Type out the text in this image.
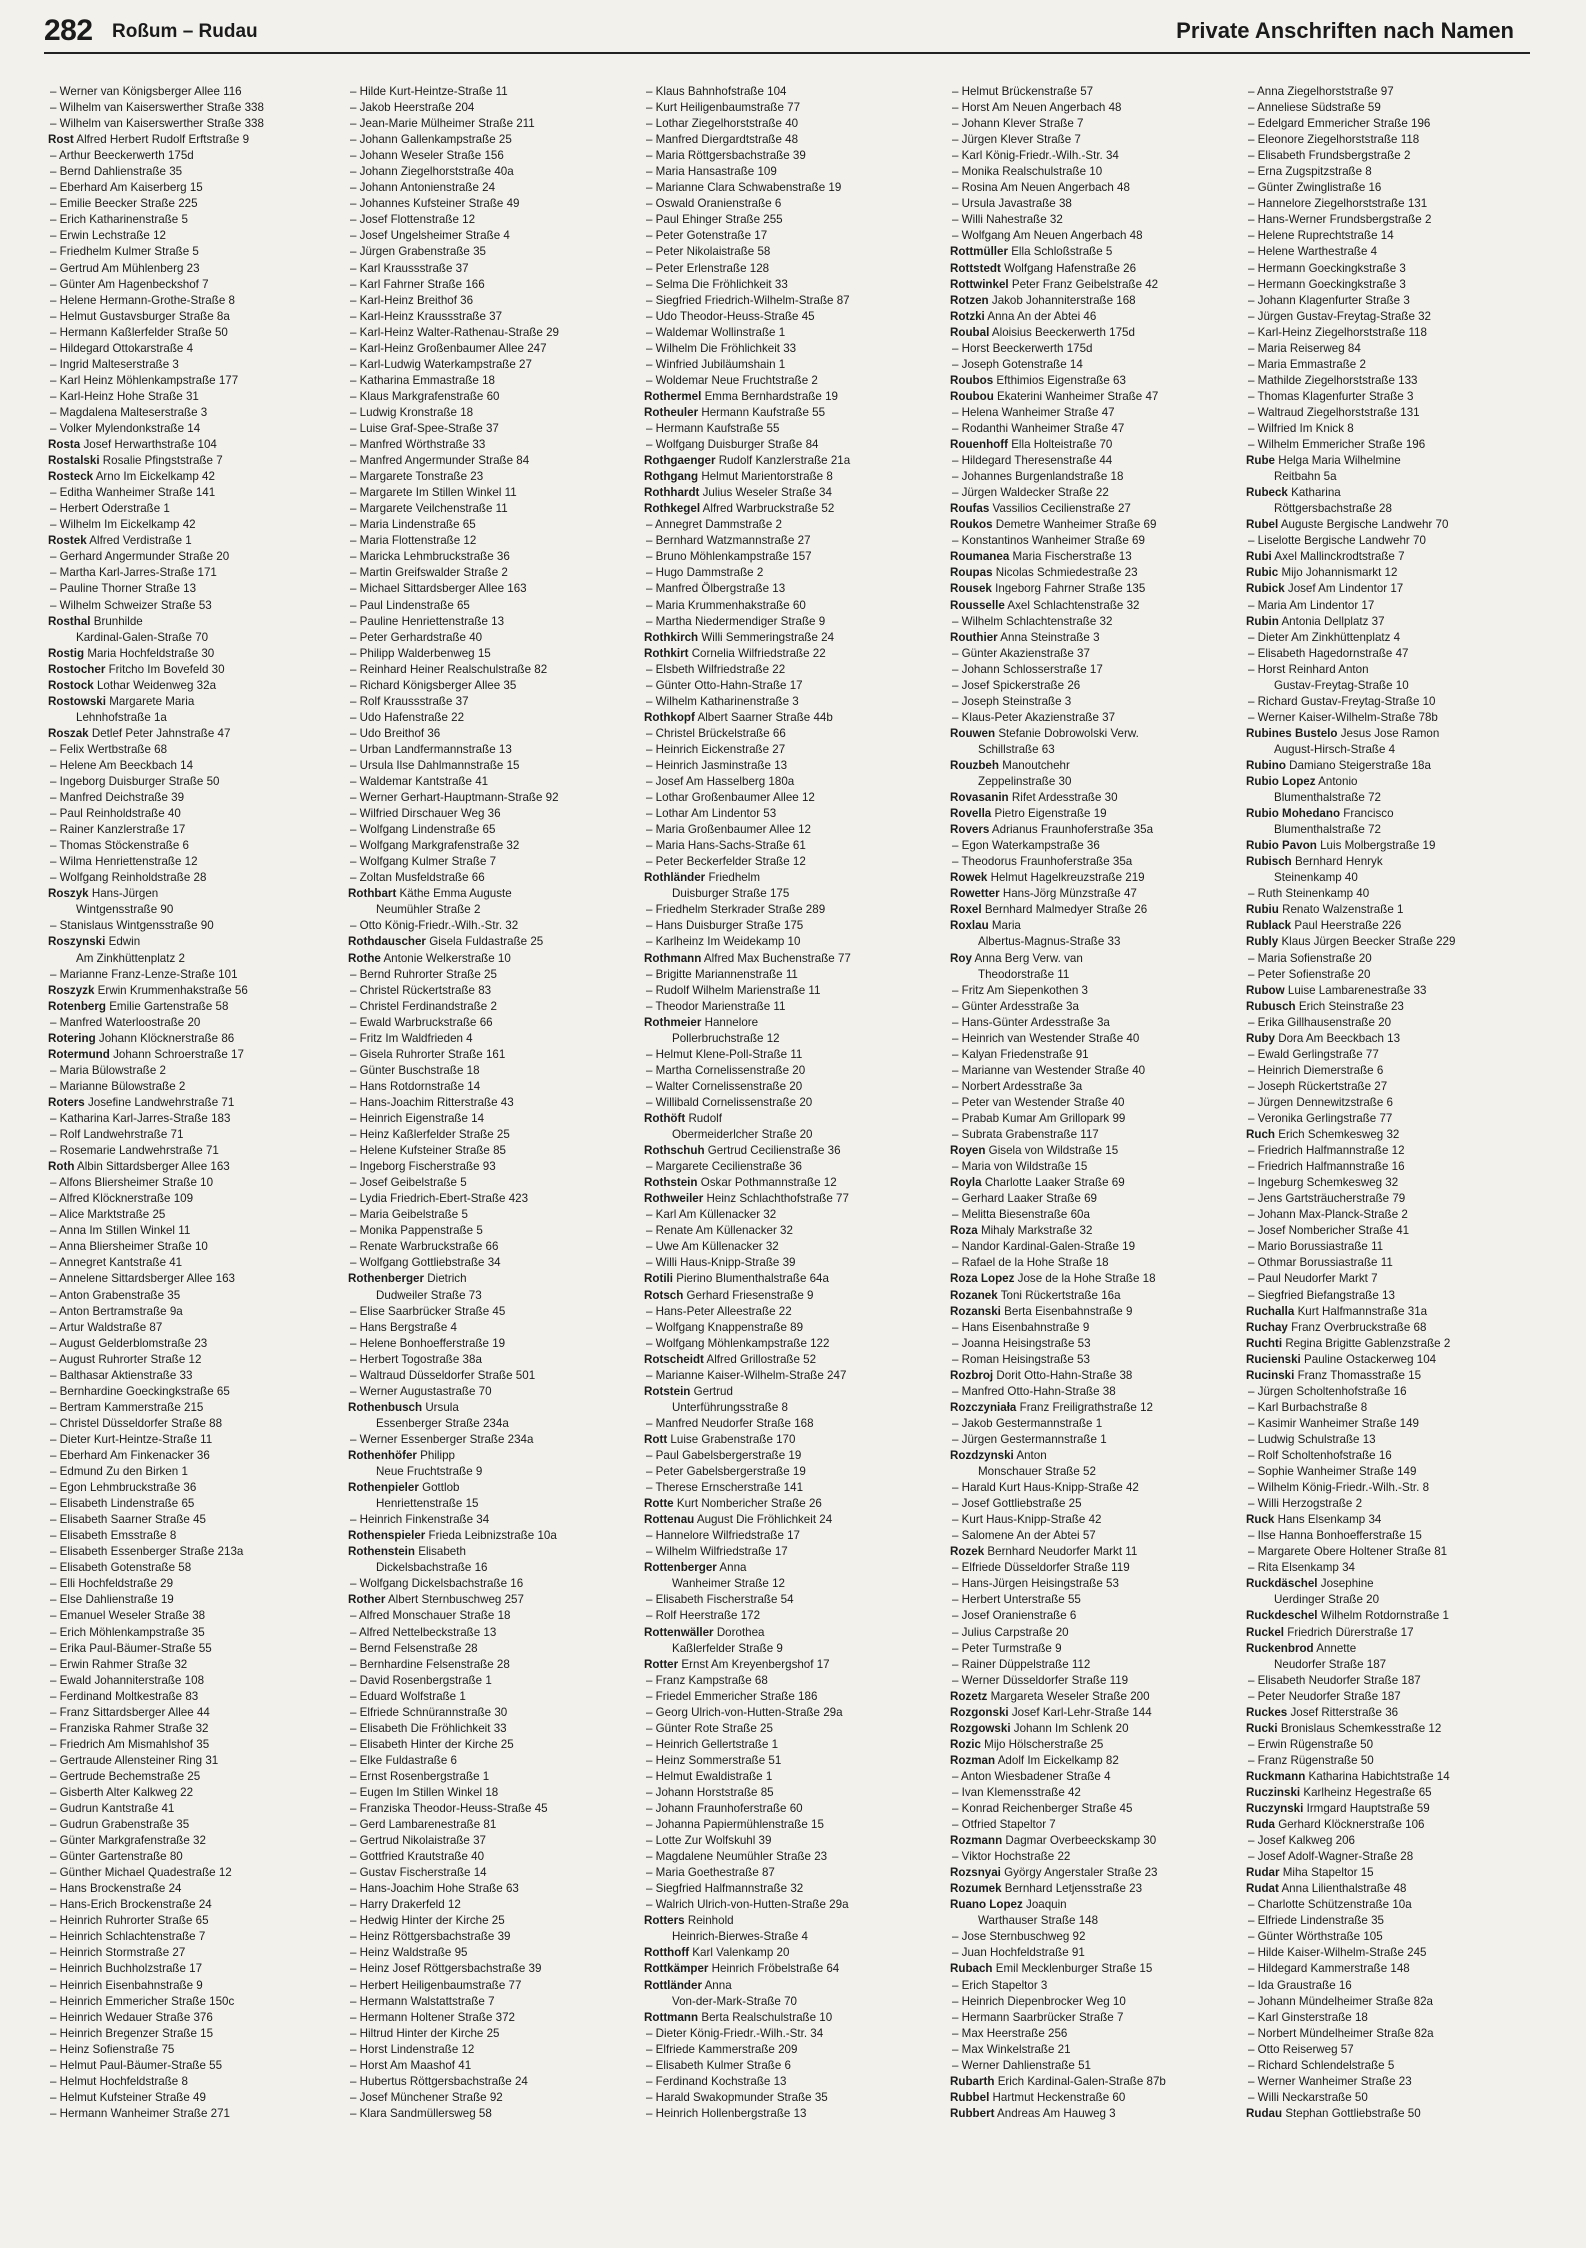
282 Roßum – Rudau	Private Anschriften nach Namen
– Werner van Königsberger Allee 116
– Wilhelm van Kaiserswerther Straße 338
– Wilhelm van Kaiserswerther Straße 338
Rost Alfred Herbert Rudolf Erftstraße 9
– Arthur Beeckerwerth 175d
– Bernd Dahlienstraße 35
– Eberhard Am Kaiserberg 15
– Emilie Beecker Straße 225
– Erich Katharinenstraße 5
– Erwin Lechstraße 12
– Friedhelm Kulmer Straße 5
– Gertrud Am Mühlenberg 23
– Günter Am Hagenbeckshof 7
– Helene Hermann-Grothe-Straße 8
– Helmut Gustavsburger Straße 8a
– Hermann Kaßlerfelder Straße 50
– Hildegard Ottokarstraße 4
– Ingrid Malteserstraße 3
– Karl Heinz Möhlenkampstraße 177
– Karl-Heinz Hohe Straße 31
– Magdalena Malteserstraße 3
– Volker Mylendonkstraße 14
Rosta Josef Herwarthstraße 104
Rostalski Rosalie Pfingststraße 7
Rosteck Arno Im Eickelkamp 42
– Editha Wanheimer Straße 141
– Herbert Oderstraße 1
– Wilhelm Im Eickelkamp 42
Rostek Alfred Verdistraße 1
– Gerhard Angermunder Straße 20
– Martha Karl-Jarres-Straße 171
– Pauline Thorner Straße 13
– Wilhelm Schweizer Straße 53
Rosthal Brunhilde
Kardinal-Galen-Straße 70
Rostig Maria Hochfeldstraße 30
Rostocher Fritcho Im Bovefeld 30
Rostock Lothar Weidenweg 32a
Rostowski Margarete Maria
Lehnhofstraße 1a
Roszak Detlef Peter Jahnstraße 47
– Felix Wertbstraße 68
– Helene Am Beeckbach 14
– Ingeborg Duisburger Straße 50
– Manfred Deichstraße 39
– Paul Reinholdstraße 40
– Rainer Kanzlerstraße 17
– Thomas Stöckenstraße 6
– Wilma Henriettenstraße 12
– Wolfgang Reinholdstraße 28
Roszyk Hans-Jürgen
Wintgensstraße 90
– Stanislaus Wintgensstraße 90
Roszynski Edwin
Am Zinkhüttenplatz 2
– Marianne Franz-Lenze-Straße 101
Roszyzk Erwin Krummenhakstraße 56
Rotenberg Emilie Gartenstraße 58
– Manfred Waterloostraße 20
Rotering Johann Klöcknerstraße 86
Rotermund Johann Schroerstraße 17
– Maria Bülowstraße 2
– Marianne Bülowstraße 2
Roters Josefine Landwehrstraße 71
– Katharina Karl-Jarres-Straße 183
– Rolf Landwehrstraße 71
– Rosemarie Landwehrstraße 71
Roth Albin Sittardsberger Allee 163
– Alfons Bliersheimer Straße 10
– Alfred Klöcknerstraße 109
– Alice Marktstraße 25
– Anna Im Stillen Winkel 11
– Anna Bliersheimer Straße 10
– Annegret Kantstraße 41
– Annelene Sittardsberger Allee 163
– Anton Grabenstraße 35
– Anton Bertramstraße 9a
– Artur Waldstraße 87
– August Gelderblomstraße 23
– August Ruhrorter Straße 12
– Balthasar Aktienstraße 33
– Bernhardine Goeckingkstraße 65
– Bertram Kammerstraße 215
– Christel Düsseldorfer Straße 88
– Dieter Kurt-Heintze-Straße 11
– Eberhard Am Finkenacker 36
– Edmund Zu den Birken 1
– Egon Lehmbruckstraße 36
– Elisabeth Lindenstraße 65
– Elisabeth Saarner Straße 45
– Elisabeth Emsstraße 8
– Elisabeth Essenberger Straße 213a
– Elisabeth Gotenstraße 58
– Elli Hochfeldstraße 29
– Else Dahlienstraße 19
– Emanuel Weseler Straße 38
– Erich Möhlenkampstraße 35
– Erika Paul-Bäumer-Straße 55
– Erwin Rahmer Straße 32
– Ewald Johanniterstraße 108
– Ferdinand Moltkestraße 83
– Franz Sittardsberger Allee 44
– Franziska Rahmer Straße 32
– Friedrich Am Mismahlshof 35
– Gertraude Allensteiner Ring 31
– Gertrude Bechemstraße 25
– Gisberth Alter Kalkweg 22
– Gudrun Kantstraße 41
– Gudrun Grabenstraße 35
– Günter Markgrafenstraße 32
– Günter Gartenstraße 80
– Günther Michael Quadestraße 12
– Hans Brockenstraße 24
– Hans-Erich Brockenstraße 24
– Heinrich Ruhrorter Straße 65
– Heinrich Schlachtenstraße 7
– Heinrich Stormstraße 27
– Heinrich Buchholzstraße 17
– Heinrich Eisenbahnstraße 9
– Heinrich Emmericher Straße 150c
– Heinrich Wedauer Straße 376
– Heinrich Bregenzer Straße 15
– Heinz Sofienstraße 75
– Helmut Paul-Bäumer-Straße 55
– Helmut Hochfeldstraße 8
– Helmut Kufsteiner Straße 49
– Hermann Wanheimer Straße 271
– Hilde Kurt-Heintze-Straße 11
– Jakob Heerstraße 204
– Jean-Marie Mülheimer Straße 211
– Johann Gallenkampstraße 25
– Johann Weseler Straße 156
– Johann Ziegelhorststraße 40a
– Johann Antonienstraße 24
– Johannes Kufsteiner Straße 49
– Josef Flottenstraße 12
– Josef Ungelsheimer Straße 4
– Jürgen Grabenstraße 35
– Karl Kraussstraße 37
– Karl Fahrner Straße 166
– Karl-Heinz Breithof 36
– Karl-Heinz Kraussstraße 37
– Karl-Heinz Walter-Rathenau-Straße 29
– Karl-Heinz Großenbaumer Allee 247
– Karl-Ludwig Waterkampstraße 27
– Katharina Emmastraße 18
– Klaus Markgrafenstraße 60
– Ludwig Kronstraße 18
– Luise Graf-Spee-Straße 37
– Manfred Wörthstraße 33
– Manfred Angermunder Straße 84
– Margarete Tonstraße 23
– Margarete Im Stillen Winkel 11
– Margarete Veilchenstraße 11
– Maria Lindenstraße 65
– Maria Flottenstraße 12
– Maricka Lehmbruckstraße 36
– Martin Greifswalder Straße 2
– Michael Sittardsberger Allee 163
– Paul Lindenstraße 65
– Pauline Henriettenstraße 13
– Peter Gerhardstraße 40
– Philipp Walderbenweg 15
– Reinhard Heiner Realschulstraße 82
– Richard Königsberger Allee 35
– Rolf Kraussstraße 37
– Udo Hafenstraße 22
– Udo Breithof 36
– Urban Landfermannstraße 13
– Ursula Ilse Dahlmannstraße 15
– Waldemar Kantstraße 41
– Werner Gerhart-Hauptmann-Straße 92
– Wilfried Dirschauer Weg 36
– Wolfgang Lindenstraße 65
– Wolfgang Markgrafenstraße 32
– Wolfgang Kulmer Straße 7
– Zoltan Musfeldstraße 66
Rothbart Käthe Emma Auguste
Neumühler Straße 2
– Otto König-Friedr.-Wilh.-Str. 32
Rothdauscher Gisela Fuldastraße 25
Rothe Antonie Welkerstraße 10
– Bernd Ruhrorter Straße 25
– Christel Rückertstraße 83
– Christel Ferdinandstraße 2
– Ewald Warbruckstraße 66
– Fritz Im Waldfrieden 4
– Gisela Ruhrorter Straße 161
– Günter Buschstraße 18
– Hans Rotdornstraße 14
– Hans-Joachim Ritterstraße 43
– Heinrich Eigenstraße 14
– Heinz Kaßlerfelder Straße 25
– Helene Kufsteiner Straße 85
– Ingeborg Fischerstraße 93
– Josef Geibelstraße 5
– Lydia Friedrich-Ebert-Straße 423
– Maria Geibelstraße 5
– Monika Pappenstraße 5
– Renate Warbruckstraße 66
– Wolfgang Gottliebstraße 34
Rothenberger Dietrich
Dudweiler Straße 73
– Elise Saarbrücker Straße 45
– Hans Bergstraße 4
– Helene Bonhoefferstraße 19
– Herbert Togostraße 38a
– Waltraud Düsseldorfer Straße 501
– Werner Augustastraße 70
Rothenbusch Ursula
Essenberger Straße 234a
– Werner Essenberger Straße 234a
Rothenhöfer Philipp
Neue Fruchtstraße 9
Rothenpieler Gottlob
Henriettenstraße 15
– Heinrich Finkenstraße 34
Rothenspieler Frieda Leibnizstraße 10a
Rothenstein Elisabeth
Dickelsbachstraße 16
– Wolfgang Dickelsbachstraße 16
Rother Albert Sternbuschweg 257
– Alfred Monschauer Straße 18
– Alfred Nettelbeckstraße 13
– Bernd Felsenstraße 28
– Bernhardine Felsenstraße 28
– David Rosenbergstraße 1
– Eduard Wolfstraße 1
– Elfriede Schnürannstraße 30
– Elisabeth Die Fröhlichkeit 33
– Elisabeth Hinter der Kirche 25
– Elke Fuldastraße 6
– Ernst Rosenbergstraße 1
– Eugen Im Stillen Winkel 18
– Franziska Theodor-Heuss-Straße 45
– Gerd Lambarenestraße 81
– Gertrud Nikolaistraße 37
– Gottfried Krautstraße 40
– Gustav Fischerstraße 14
– Hans-Joachim Hohe Straße 63
– Harry Drakerfeld 12
– Hedwig Hinter der Kirche 25
– Heinz Röttgersbachstraße 39
– Heinz Waldstraße 95
– Heinz Josef Röttgersbachstraße 39
– Herbert Heiligenbaumstraße 77
– Hermann Walstattstraße 7
– Hermann Holtener Straße 372
– Hiltrud Hinter der Kirche 25
– Horst Lindenstraße 12
– Horst Am Maashof 41
– Hubertus Röttgersbachstraße 24
– Josef Münchener Straße 92
– Klara Sandmüllersweg 58
– Klaus Bahnhofstraße 104
– Kurt Heiligenbaumstraße 77
– Lothar Ziegelhorststraße 40
– Manfred Diergardtstraße 48
– Maria Röttgersbachstraße 39
– Maria Hansastraße 109
– Marianne Clara Schwabenstraße 19
– Oswald Oranienstraße 6
– Paul Ehinger Straße 255
– Peter Gotenstraße 17
– Peter Nikolaistraße 58
– Peter Erlenstraße 128
– Selma Die Fröhlichkeit 33
– Siegfried Friedrich-Wilhelm-Straße 87
– Udo Theodor-Heuss-Straße 45
– Waldemar Wollinstraße 1
– Wilhelm Die Fröhlichkeit 33
– Winfried Jubiläumshain 1
– Woldemar Neue Fruchtstraße 2
Rothermel Emma Bernhardstraße 19
Rotheuler Hermann Kaufstraße 55
– Hermann Kaufstraße 55
– Wolfgang Duisburger Straße 84
Rothgaenger Rudolf Kanzlerstraße 21a
Rothgang Helmut Marientorstraße 8
Rothhardt Julius Weseler Straße 34
Rothkegel Alfred Warbruckstraße 52
– Annegret Dammstraße 2
– Bernhard Watzmannstraße 27
– Bruno Möhlenkampstraße 157
– Hugo Dammstraße 2
– Manfred Ölbergstraße 13
– Maria Krummenhakstraße 60
– Martha Niedermendiger Straße 9
Rothkirch Willi Semmeringstraße 24
Rothkirt Cornelia Wilfriedstraße 22
– Elsbeth Wilfriedstraße 22
– Günter Otto-Hahn-Straße 17
– Wilhelm Katharinenstraße 3
Rothkopf Albert Saarner Straße 44b
– Christel Brückelstraße 66
– Heinrich Eickenstraße 27
– Heinrich Jasminstraße 13
– Josef Am Hasselberg 180a
– Lothar Großenbaumer Allee 12
– Lothar Am Lindentor 53
– Maria Großenbaumer Allee 12
– Maria Hans-Sachs-Straße 61
– Peter Beckerfelder Straße 12
Rothländer Friedhelm
Duisburger Straße 175
– Friedhelm Sterkrader Straße 289
– Hans Duisburger Straße 175
– Karlheinz Im Weidekamp 10
Rothmann Alfred Max Buchenstraße 77
– Brigitte Mariannenstraße 11
– Rudolf Wilhelm Marienstraße 11
– Theodor Marienstraße 11
Rothmeier Hannelore
Pollerbruchstraße 12
– Helmut Klene-Poll-Straße 11
– Martha Cornelissenstraße 20
– Walter Cornelissenstraße 20
– Willibald Cornelissenstraße 20
Rothöft Rudolf
Obermeiderlcher Straße 20
Rothschuh Gertrud Cecilienstraße 36
– Margarete Cecilienstraße 36
Rothstein Oskar Pothmannstraße 12
Rothweiler Heinz Schlachthofstraße 77
– Karl Am Küllenacker 32
– Renate Am Küllenacker 32
– Uwe Am Küllenacker 32
– Willi Haus-Knipp-Straße 39
Rotili Pierino Blumenthalstraße 64a
Rotsch Gerhard Friesenstraße 9
– Hans-Peter Alleestraße 22
– Wolfgang Knappenstraße 89
– Wolfgang Möhlenkampstraße 122
Rotscheidt Alfred Grillostraße 52
– Marianne Kaiser-Wilhelm-Straße 247
Rotstein Gertrud
Unterführungsstraße 8
– Manfred Neudorfer Straße 168
Rott Luise Grabenstraße 170
– Paul Gabelsbergerstraße 19
– Peter Gabelsbergerstraße 19
– Therese Ernscherstraße 141
Rotte Kurt Nombericher Straße 26
Rottenau August Die Fröhlichkeit 24
– Hannelore Wilfriedstraße 17
– Wilhelm Wilfriedstraße 17
Rottenberger Anna
Wanheimer Straße 12
– Elisabeth Fischerstraße 54
– Rolf Heerstraße 172
Rottenwäller Dorothea
Kaßlerfelder Straße 9
Rotter Ernst Am Kreyenbergshof 17
– Franz Kampstraße 68
– Friedel Emmericher Straße 186
– Georg Ulrich-von-Hutten-Straße 29a
– Günter Rote Straße 25
– Heinrich Gellertstraße 1
– Heinz Sommerstraße 51
– Helmut Ewaldistraße 1
– Johann Horststraße 85
– Johann Fraunhoferstraße 60
– Johanna Papiermühlenstraße 15
– Lotte Zur Wolfskuhl 39
– Magdalene Neumühler Straße 23
– Maria Goethestraße 87
– Siegfried Halfmannstraße 32
– Walrich Ulrich-von-Hutten-Straße 29a
Rotters Reinhold
Heinrich-Bierwes-Straße 4
Rotthoff Karl Valenkamp 20
Rottkämper Heinrich Fröbelstraße 64
Rottländer Anna
Von-der-Mark-Straße 70
Rottmann Berta Realschulstraße 10
– Dieter König-Friedr.-Wilh.-Str. 34
– Elfriede Kammerstraße 209
– Elisabeth Kulmer Straße 6
– Ferdinand Kochstraße 13
– Harald Swakopmunder Straße 35
– Heinrich Hollenbergstraße 13
– Helmut Brückenstraße 57
– Horst Am Neuen Angerbach 48
– Johann Klever Straße 7
– Jürgen Klever Straße 7
– Karl König-Friedr.-Wilh.-Str. 34
– Monika Realschulstraße 10
– Rosina Am Neuen Angerbach 48
– Ursula Javastraße 38
– Willi Nahestraße 32
– Wolfgang Am Neuen Angerbach 48
Rottmüller Ella Schloßstraße 5
Rottstedt Wolfgang Hafenstraße 26
Rottwinkel Peter Franz Geibelstraße 42
Rotzen Jakob Johanniterstraße 168
Rotzki Anna An der Abtei 46
Roubal Aloisius Beeckerwerth 175d
– Horst Beeckerwerth 175d
– Joseph Gotenstraße 14
Roubos Efthimios Eigenstraße 63
Roubou Ekaterini Wanheimer Straße 47
– Helena Wanheimer Straße 47
– Rodanthi Wanheimer Straße 47
Rouenhoff Ella Holteistraße 70
– Hildegard Theresenstraße 44
– Johannes Burgenlandstraße 18
– Jürgen Waldecker Straße 22
Roufas Vassilios Cecilienstraße 27
Roukos Demetre Wanheimer Straße 69
– Konstantinos Wanheimer Straße 69
Roumanea Maria Fischerstraße 13
Roupas Nicolas Schmiedestraße 23
Rousek Ingeborg Fahrner Straße 135
Rousselle Axel Schlachtenstraße 32
– Wilhelm Schlachtenstraße 32
Routhier Anna Steinstraße 3
– Günter Akazienstraße 37
– Johann Schlosserstraße 17
– Josef Spickerstraße 26
– Joseph Steinstraße 3
– Klaus-Peter Akazienstraße 37
Rouwen Stefanie Dobrowolski Verw.
Schillstraße 63
Rouzbeh Manoutchehr
Zeppelinstraße 30
Rovasanin Rifet Ardesstraße 30
Rovella Pietro Eigenstraße 19
Rovers Adrianus Fraunhoferstraße 35a
– Egon Waterkampstraße 36
– Theodorus Fraunhoferstraße 35a
Rowek Helmut Hagelkreuzstraße 219
Rowetter Hans-Jörg Münzstraße 47
Roxel Bernhard Malmedyer Straße 26
Roxlau Maria
Albertus-Magnus-Straße 33
Roy Anna Berg Verw. van
Theodorstraße 11
– Fritz Am Siepenkothen 3
– Günter Ardesstraße 3a
– Hans-Günter Ardesstraße 3a
– Heinrich van Westender Straße 40
– Kalyan Friedenstraße 91
– Marianne van Westender Straße 40
– Norbert Ardesstraße 3a
– Peter van Westender Straße 40
– Prabab Kumar Am Grillopark 99
– Subrata Grabenstraße 117
Royen Gisela von Wildstraße 15
– Maria von Wildstraße 15
Royla Charlotte Laaker Straße 69
– Gerhard Laaker Straße 69
– Melitta Biesenstraße 60a
Roza Mihaly Markstraße 32
– Nandor Kardinal-Galen-Straße 19
– Rafael de la Hohe Straße 18
Roza Lopez Jose de la Hohe Straße 18
Rozanek Toni Rückertstraße 16a
Rozanski Berta Eisenbahnstraße 9
– Hans Eisenbahnstraße 9
– Joanna Heisingstraße 53
– Roman Heisingstraße 53
Rozbroj Dorit Otto-Hahn-Straße 38
– Manfred Otto-Hahn-Straße 38
Rozczyniała Franz Freiligrathstraße 12
– Jakob Gestermannstraße 1
– Jürgen Gestermannstraße 1
Rozdzynski Anton
Monschauer Straße 52
– Harald Kurt Haus-Knipp-Straße 42
– Josef Gottliebstraße 25
– Kurt Haus-Knipp-Straße 42
– Salomene An der Abtei 57
Rozek Bernhard Neudorfer Markt 11
– Elfriede Düsseldorfer Straße 119
– Hans-Jürgen Heisingstraße 53
– Herbert Unterstraße 55
– Josef Oranienstraße 6
– Julius Carpstraße 20
– Peter Turmstraße 9
– Rainer Düppelstraße 112
– Werner Düsseldorfer Straße 119
Rozetz Margareta Weseler Straße 200
Rozgonski Josef Karl-Lehr-Straße 144
Rozgowski Johann Im Schlenk 20
Rozic Mijo Hölscherstraße 25
Rozman Adolf Im Eickelkamp 82
– Anton Wiesbadener Straße 4
– Ivan Klemensstraße 42
– Konrad Reichenberger Straße 45
– Otfried Stapeltor 7
Rozmann Dagmar Overbeeckskamp 30
– Viktor Hochstraße 22
Rozsnyai György Angerstaler Straße 23
Rozumek Bernhard Letjensstraße 23
Ruano Lopez Joaquin
Warthauser Straße 148
– Jose Sternbuschweg 92
– Juan Hochfeldstraße 91
Rubach Emil Mecklenburger Straße 15
– Erich Stapeltor 3
– Heinrich Diepenbrocker Weg 10
– Hermann Saarbrücker Straße 7
– Max Heerstraße 256
– Max Winkelstraße 21
– Werner Dahlienstraße 51
Rubarth Erich Kardinal-Galen-Straße 87b
Rubbel Hartmut Heckenstraße 60
Rubbert Andreas Am Hauweg 3
– Anna Ziegelhorststraße 97
– Anneliese Südstraße 59
– Edelgard Emmericher Straße 196
– Eleonore Ziegelhorststraße 118
– Elisabeth Frundsbergstraße 2
– Erna Zugspitzstraße 8
– Günter Zwinglistraße 16
– Hannelore Ziegelhorststraße 131
– Hans-Werner Frundsbergstraße 2
– Helene Ruprechtstraße 14
– Helene Warthestraße 4
– Hermann Goeckingkstraße 3
– Hermann Goeckingkstraße 3
– Johann Klagenfurter Straße 3
– Jürgen Gustav-Freytag-Straße 32
– Karl-Heinz Ziegelhorststraße 118
– Maria Reiserweg 84
– Maria Emmastraße 2
– Mathilde Ziegelhorststraße 133
– Thomas Klagenfurter Straße 3
– Waltraud Ziegelhorststraße 131
– Wilfried Im Knick 8
– Wilhelm Emmericher Straße 196
Rube Helga Maria Wilhelmine
Reitbahn 5a
Rubeck Katharina
Röttgersbachstraße 28
Rubel Auguste Bergische Landwehr 70
– Liselotte Bergische Landwehr 70
Rubi Axel Mallinckrodtstraße 7
Rubic Mijo Johannismarkt 12
Rubick Josef Am Lindentor 17
– Maria Am Lindentor 17
Rubin Antonia Dellplatz 37
– Dieter Am Zinkhüttenplatz 4
– Elisabeth Hagedornstraße 47
– Horst Reinhard Anton
Gustav-Freytag-Straße 10
– Richard Gustav-Freytag-Straße 10
– Werner Kaiser-Wilhelm-Straße 78b
Rubines Bustelo Jesus Jose Ramon
August-Hirsch-Straße 4
Rubino Damiano Steigerstraße 18a
Rubio Lopez Antonio
Blumenthalstraße 72
Rubio Mohedano Francisco
Blumenthalstraße 72
Rubio Pavon Luis Molbergstraße 19
Rubisch Bernhard Henryk
Steinenkamp 40
– Ruth Steinenkamp 40
Rubiu Renato Walzenstraße 1
Rublack Paul Heerstraße 226
Rubly Klaus Jürgen Beecker Straße 229
– Maria Sofienstraße 20
– Peter Sofienstraße 20
Rubow Luise Lambarenestraße 33
Rubusch Erich Steinstraße 23
– Erika Gillhausenstraße 20
Ruby Dora Am Beeckbach 13
– Ewald Gerlingstraße 77
– Heinrich Diemerstraße 6
– Joseph Rückertstraße 27
– Jürgen Dennewitzstraße 6
– Veronika Gerlingstraße 77
Ruch Erich Schemkesweg 32
– Friedrich Halfmannstraße 12
– Friedrich Halfmannstraße 16
– Ingeburg Schemkesweg 32
– Jens Gartsträucherstraße 79
– Johann Max-Planck-Straße 2
– Josef Nombericher Straße 41
– Mario Borussiastraße 11
– Othmar Borussiastraße 11
– Paul Neudorfer Markt 7
– Siegfried Biefangstraße 13
Ruchalla Kurt Halfmannstraße 31a
Ruchay Franz Overbruckstraße 68
Ruchti Regina Brigitte Gablenzstraße 2
Rucienski Pauline Ostackerweg 104
Rucinski Franz Thomasstraße 15
– Jürgen Scholtenhofstraße 16
– Karl Burbachstraße 8
– Kasimir Wanheimer Straße 149
– Ludwig Schulstraße 13
– Rolf Scholtenhofstraße 16
– Sophie Wanheimer Straße 149
– Wilhelm König-Friedr.-Wilh.-Str. 8
– Willi Herzogstraße 2
Ruck Hans Elsenkamp 34
– Ilse Hanna Bonhoefferstraße 15
– Margarete Obere Holtener Straße 81
– Rita Elsenkamp 34
Ruckdäschel Josephine
Uerdinger Straße 20
Ruckdeschel Wilhelm Rotdornstraße 1
Ruckel Friedrich Dürerstraße 17
Ruckenbrod Annette
Neudorfer Straße 187
– Elisabeth Neudorfer Straße 187
– Peter Neudorfer Straße 187
Ruckes Josef Ritterstraße 36
Rucki Bronislaus Schemkesstraße 12
– Erwin Rügenstraße 50
– Franz Rügenstraße 50
Ruckmann Katharina Habichtstraße 14
Ruczinski Karlheinz Hegestraße 65
Ruczynski Irmgard Hauptstraße 59
Ruda Gerhard Klöcknerstraße 106
– Josef Kalkweg 206
– Josef Adolf-Wagner-Straße 28
Rudar Miha Stapeltor 15
Rudat Anna Lilienthalstraße 48
– Charlotte Schützenstraße 10a
– Elfriede Lindenstraße 35
– Günter Wörthstraße 105
– Hilde Kaiser-Wilhelm-Straße 245
– Hildegard Kammerstraße 148
– Ida Graustraße 16
– Johann Mündelheimer Straße 82a
– Karl Ginsterstraße 18
– Norbert Mündelheimer Straße 82a
– Otto Reiserweg 57
– Richard Schlendelstraße 5
– Werner Wanheimer Straße 23
– Willi Neckarstraße 50
Rudau Stephan Gottliebstraße 50
